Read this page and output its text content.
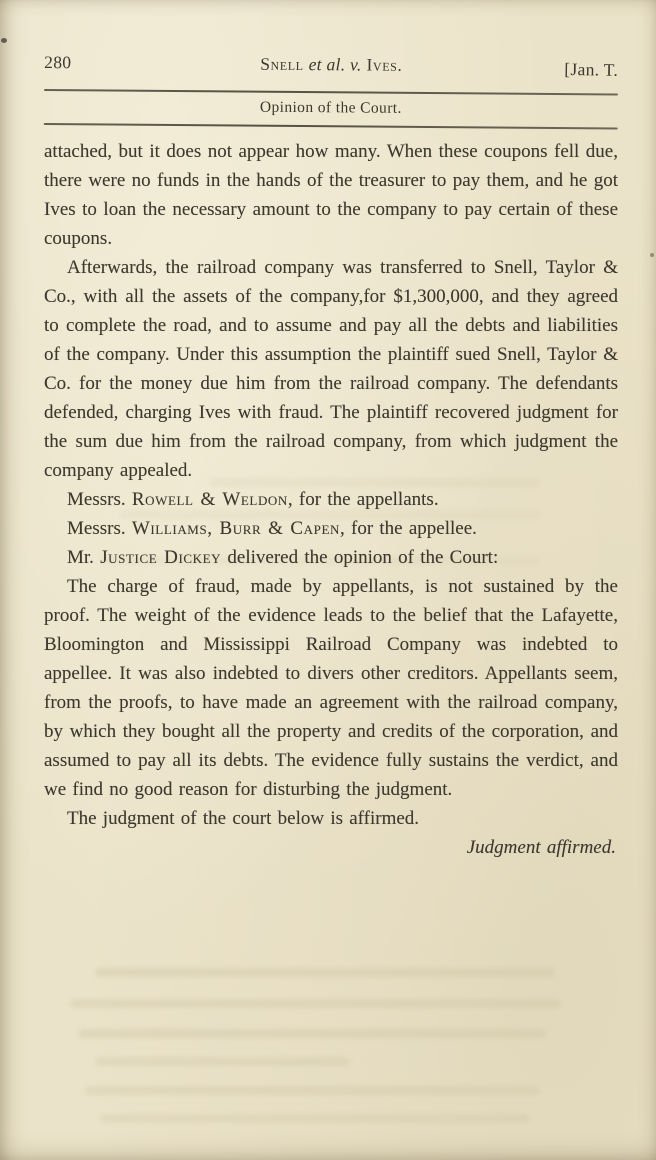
280	Snell et al. v. Ives.	[Jan. T.
Opinion of the Court.

attached, but it does not appear how many. When these coupons fell due, there were no funds in the hands of the treasurer to pay them, and he got Ives to loan the necessary amount to the company to pay certain of these coupons.

Afterwards, the railroad company was transferred to Snell, Taylor & Co., with all the assets of the company,for $1,300,000, and they agreed to complete the road, and to assume and pay all the debts and liabilities of the company. Under this assumption the plaintiff sued Snell, Taylor & Co. for the money due him from the railroad company. The defendants defended, charging Ives with fraud. The plaintiff recovered judgment for the sum due him from the railroad company, from which judgment the company appealed.

Messrs. Rowell & Weldon, for the appellants.

Messrs. Williams, Burr & Capen, for the appellee.

Mr. Justice Dickey delivered the opinion of the Court:

The charge of fraud, made by appellants, is not sustained by the proof. The weight of the evidence leads to the belief that the Lafayette, Bloomington and Mississippi Railroad Company was indebted to appellee. It was also indebted to divers other creditors. Appellants seem, from the proofs, to have made an agreement with the railroad company, by which they bought all the property and credits of the corporation, and assumed to pay all its debts. The evidence fully sustains the verdict, and we find no good reason for disturbing the judgment.

The judgment of the court below is affirmed.

Judgment affirmed.
